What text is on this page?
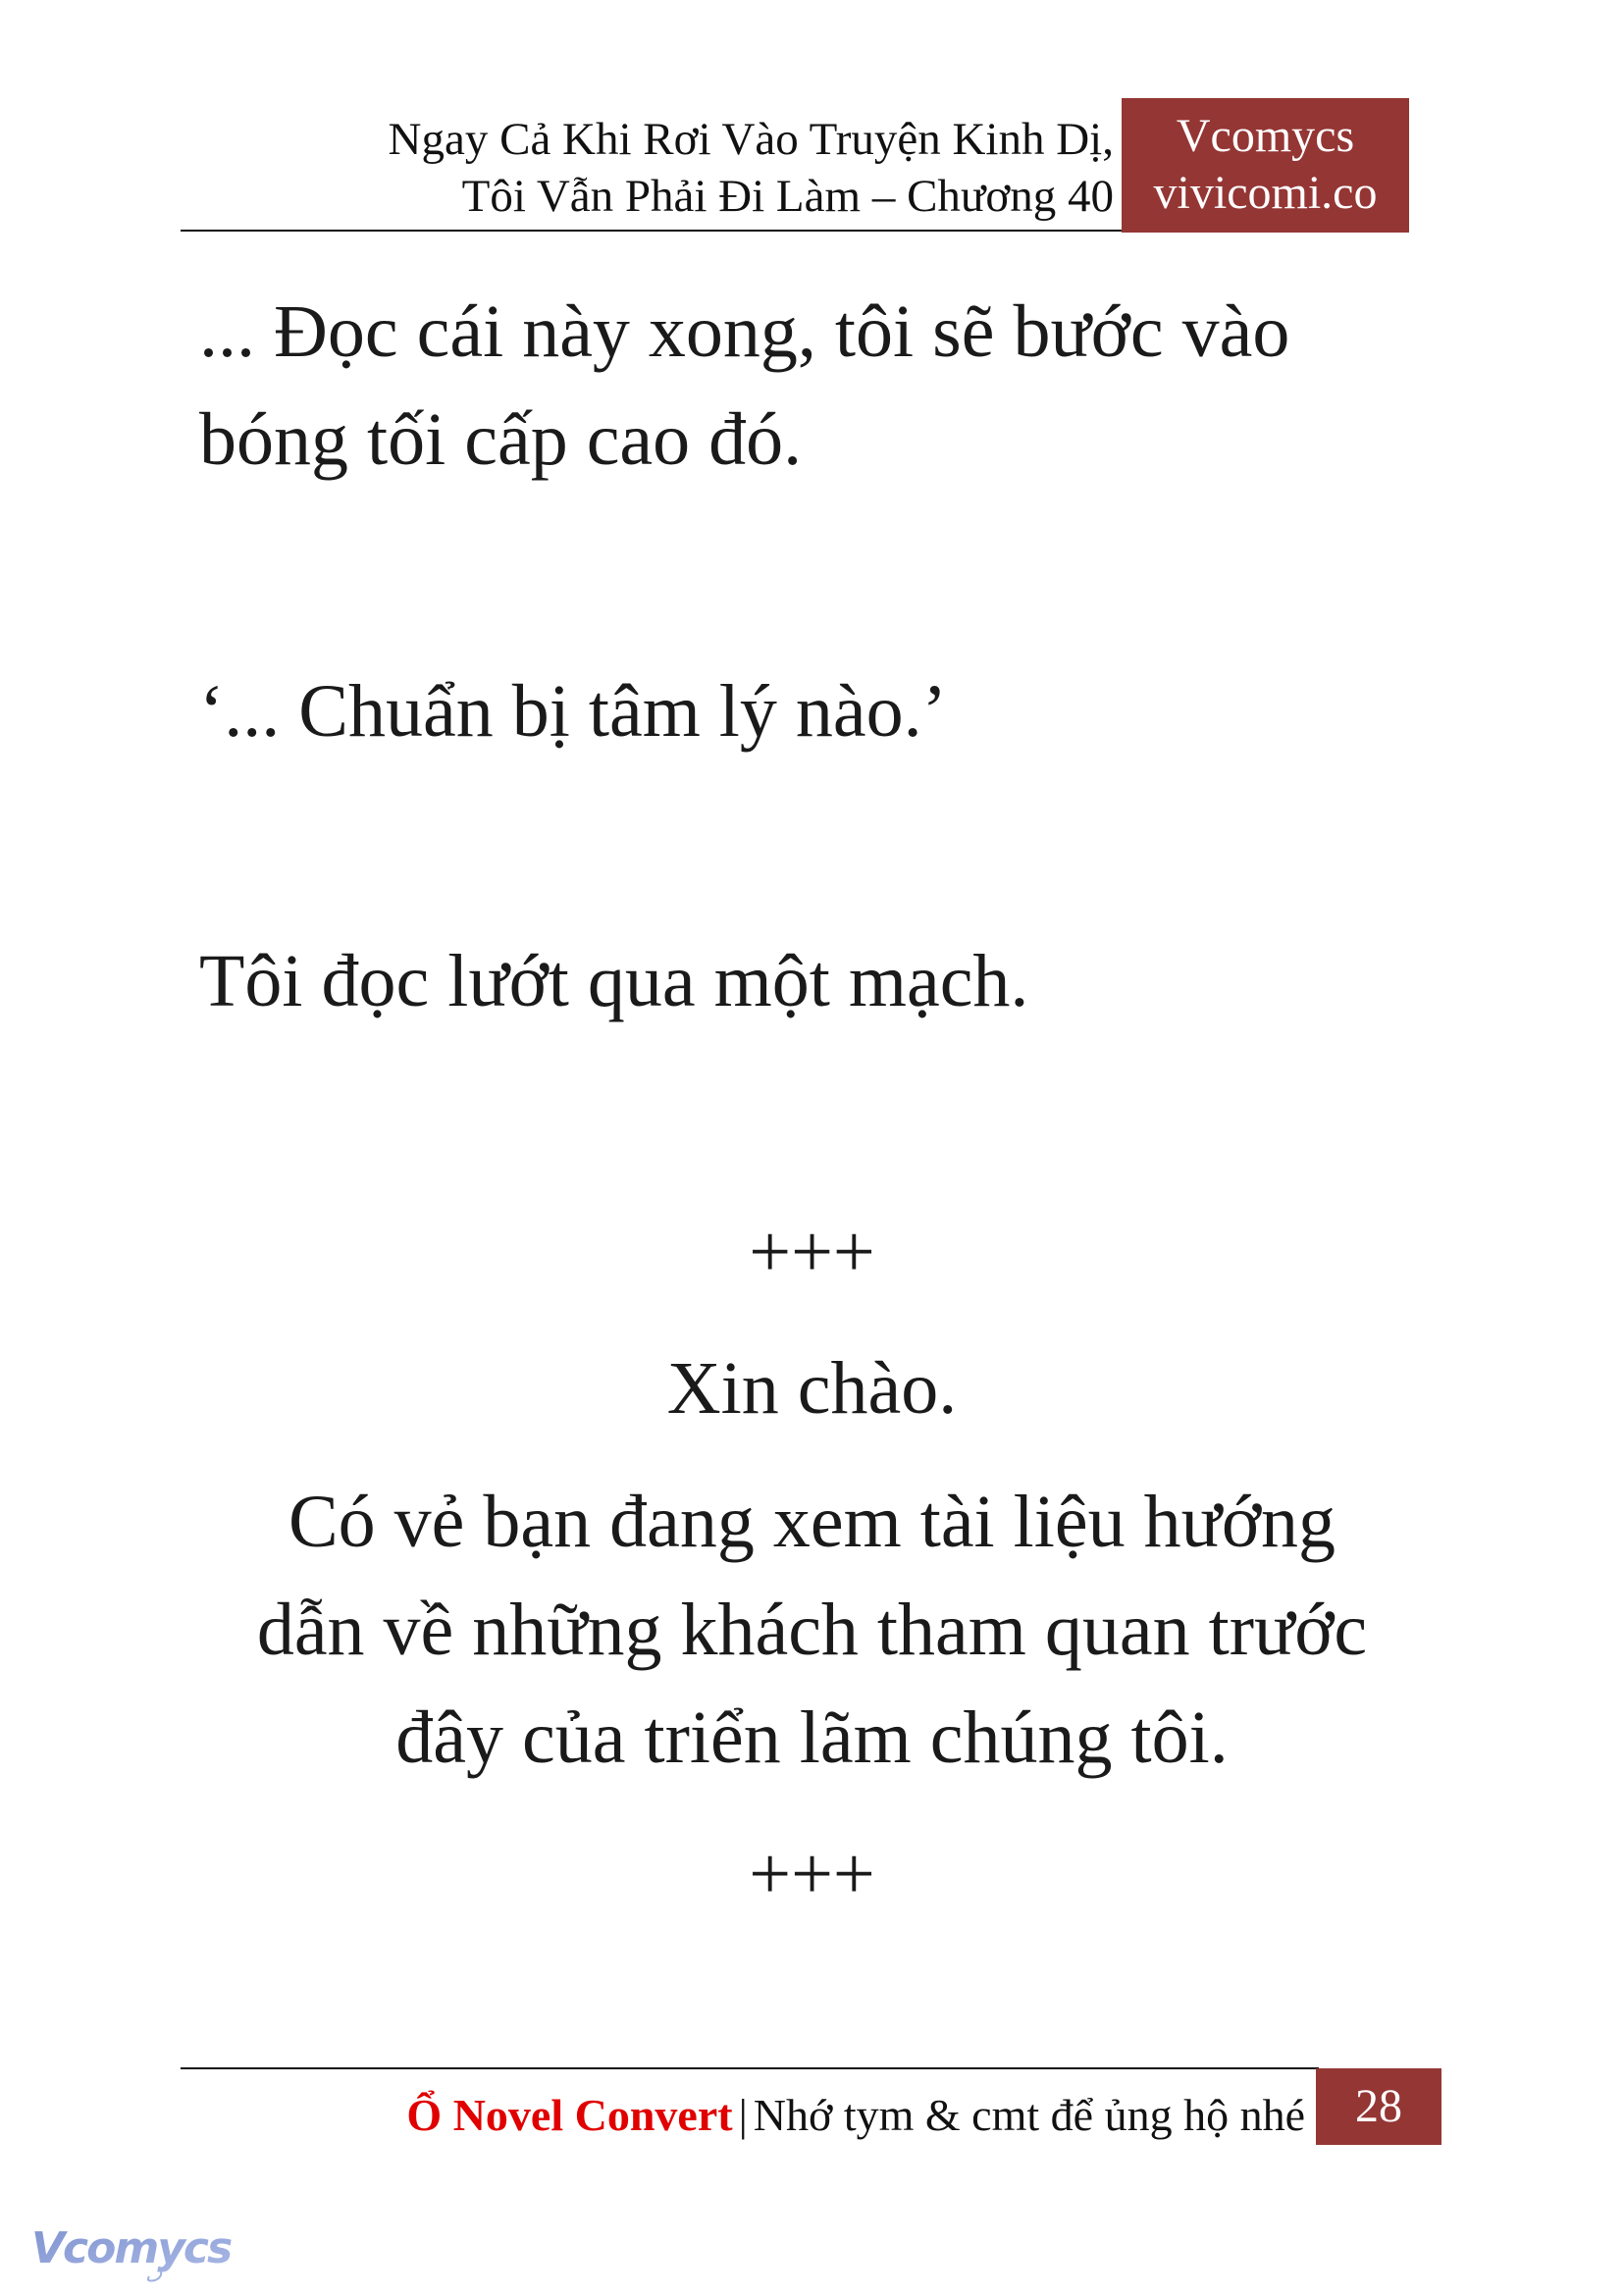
Ngay Cả Khi Rơi Vào Truyện Kinh Dị,
Tôi Vẫn Phải Đi Làm – Chương 40
Vcomycs
vivicomi.co
... Đọc cái này xong, tôi sẽ bước vào
bóng tối cấp cao đó.
‘... Chuẩn bị tâm lý nào.’
Tôi đọc lướt qua một mạch.
+++
Xin chào.
Có vẻ bạn đang xem tài liệu hướng
dẫn về những khách tham quan trước
đây của triển lãm chúng tôi.
+++
Ổ Novel Convert | Nhớ tym & cmt để ủng hộ nhé	28
Vcomycs
